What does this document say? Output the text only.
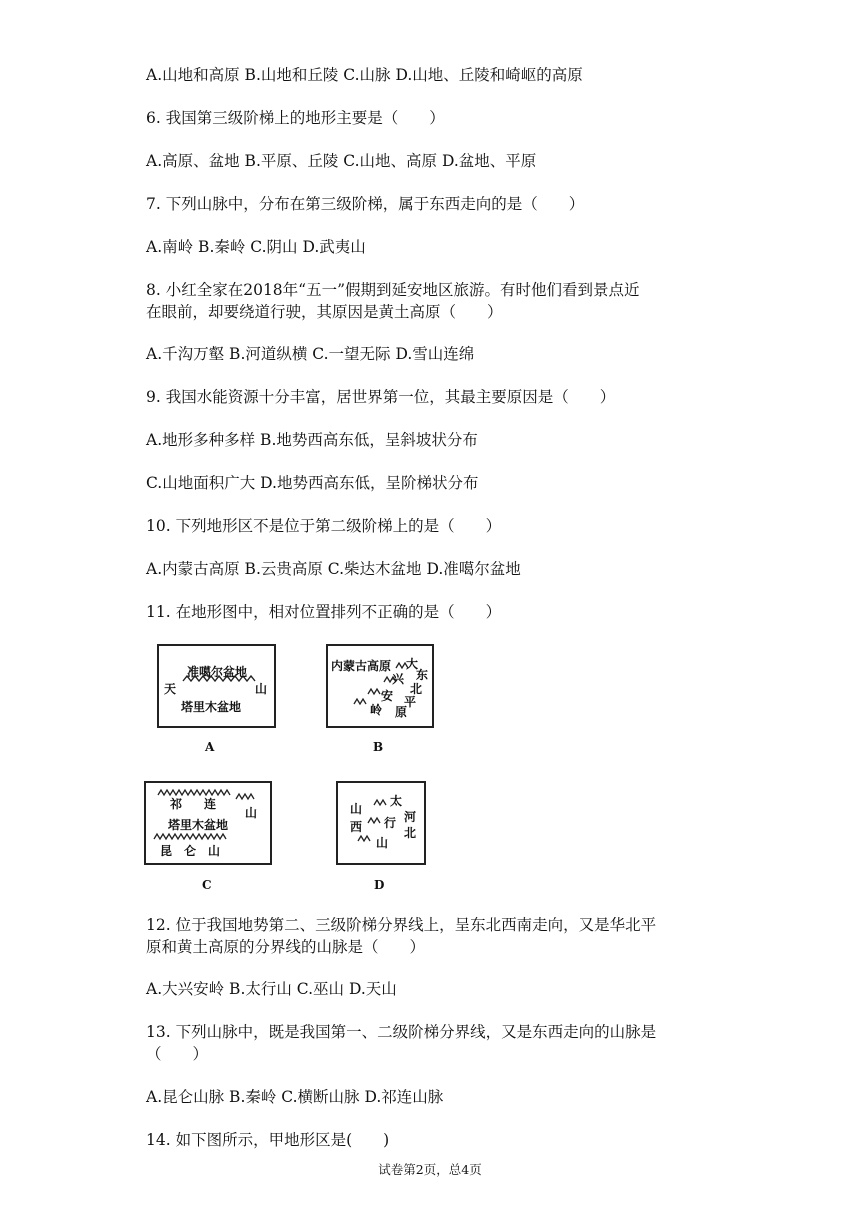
A.山地和高原 B.山地和丘陵 C.山脉 D.山地、丘陵和崎岖的高原
6. 我国第三级阶梯上的地形主要是（　　）
A.高原、盆地 B.平原、丘陵 C.山地、高原 D.盆地、平原
7. 下列山脉中，分布在第三级阶梯，属于东西走向的是（　　）
A.南岭 B.秦岭 C.阴山 D.武夷山
8. 小红全家在2018年“五一”假期到延安地区旅游。有时他们看到景点近
在眼前，却要绕道行驶，其原因是黄土高原（　　）
A.千沟万壑 B.河道纵横 C.一望无际 D.雪山连绵
9. 我国水能资源十分丰富，居世界第一位，其最主要原因是（　　）
A.地形多种多样 B.地势西高东低，呈斜坡状分布
C.山地面积广大 D.地势西高东低，呈阶梯状分布
10. 下列地形区不是位于第二级阶梯上的是（　　）
A.内蒙古高原 B.云贵高原 C.柴达木盆地 D.准噶尔盆地
11. 在地形图中，相对位置排列不正确的是（　　）
准噶尔盆地
天	山
塔里木盆地
A
内蒙古高原 大
兴
安
岭
东
北
平
原
B
祁 连
山
塔里木盆地
昆　仑　山
C
山
西
太
行
山
河
北
D
12. 位于我国地势第二、三级阶梯分界线上，呈东北西南走向，又是华北平
原和黄土高原的分界线的山脉是（　　）
A.大兴安岭 B.太行山 C.巫山 D.天山
13. 下列山脉中，既是我国第一、二级阶梯分界线，又是东西走向的山脉是
（　　）
A.昆仑山脉 B.秦岭 C.横断山脉 D.祁连山脉
14. 如下图所示，甲地形区是(　　)
试卷第2页，总4页
